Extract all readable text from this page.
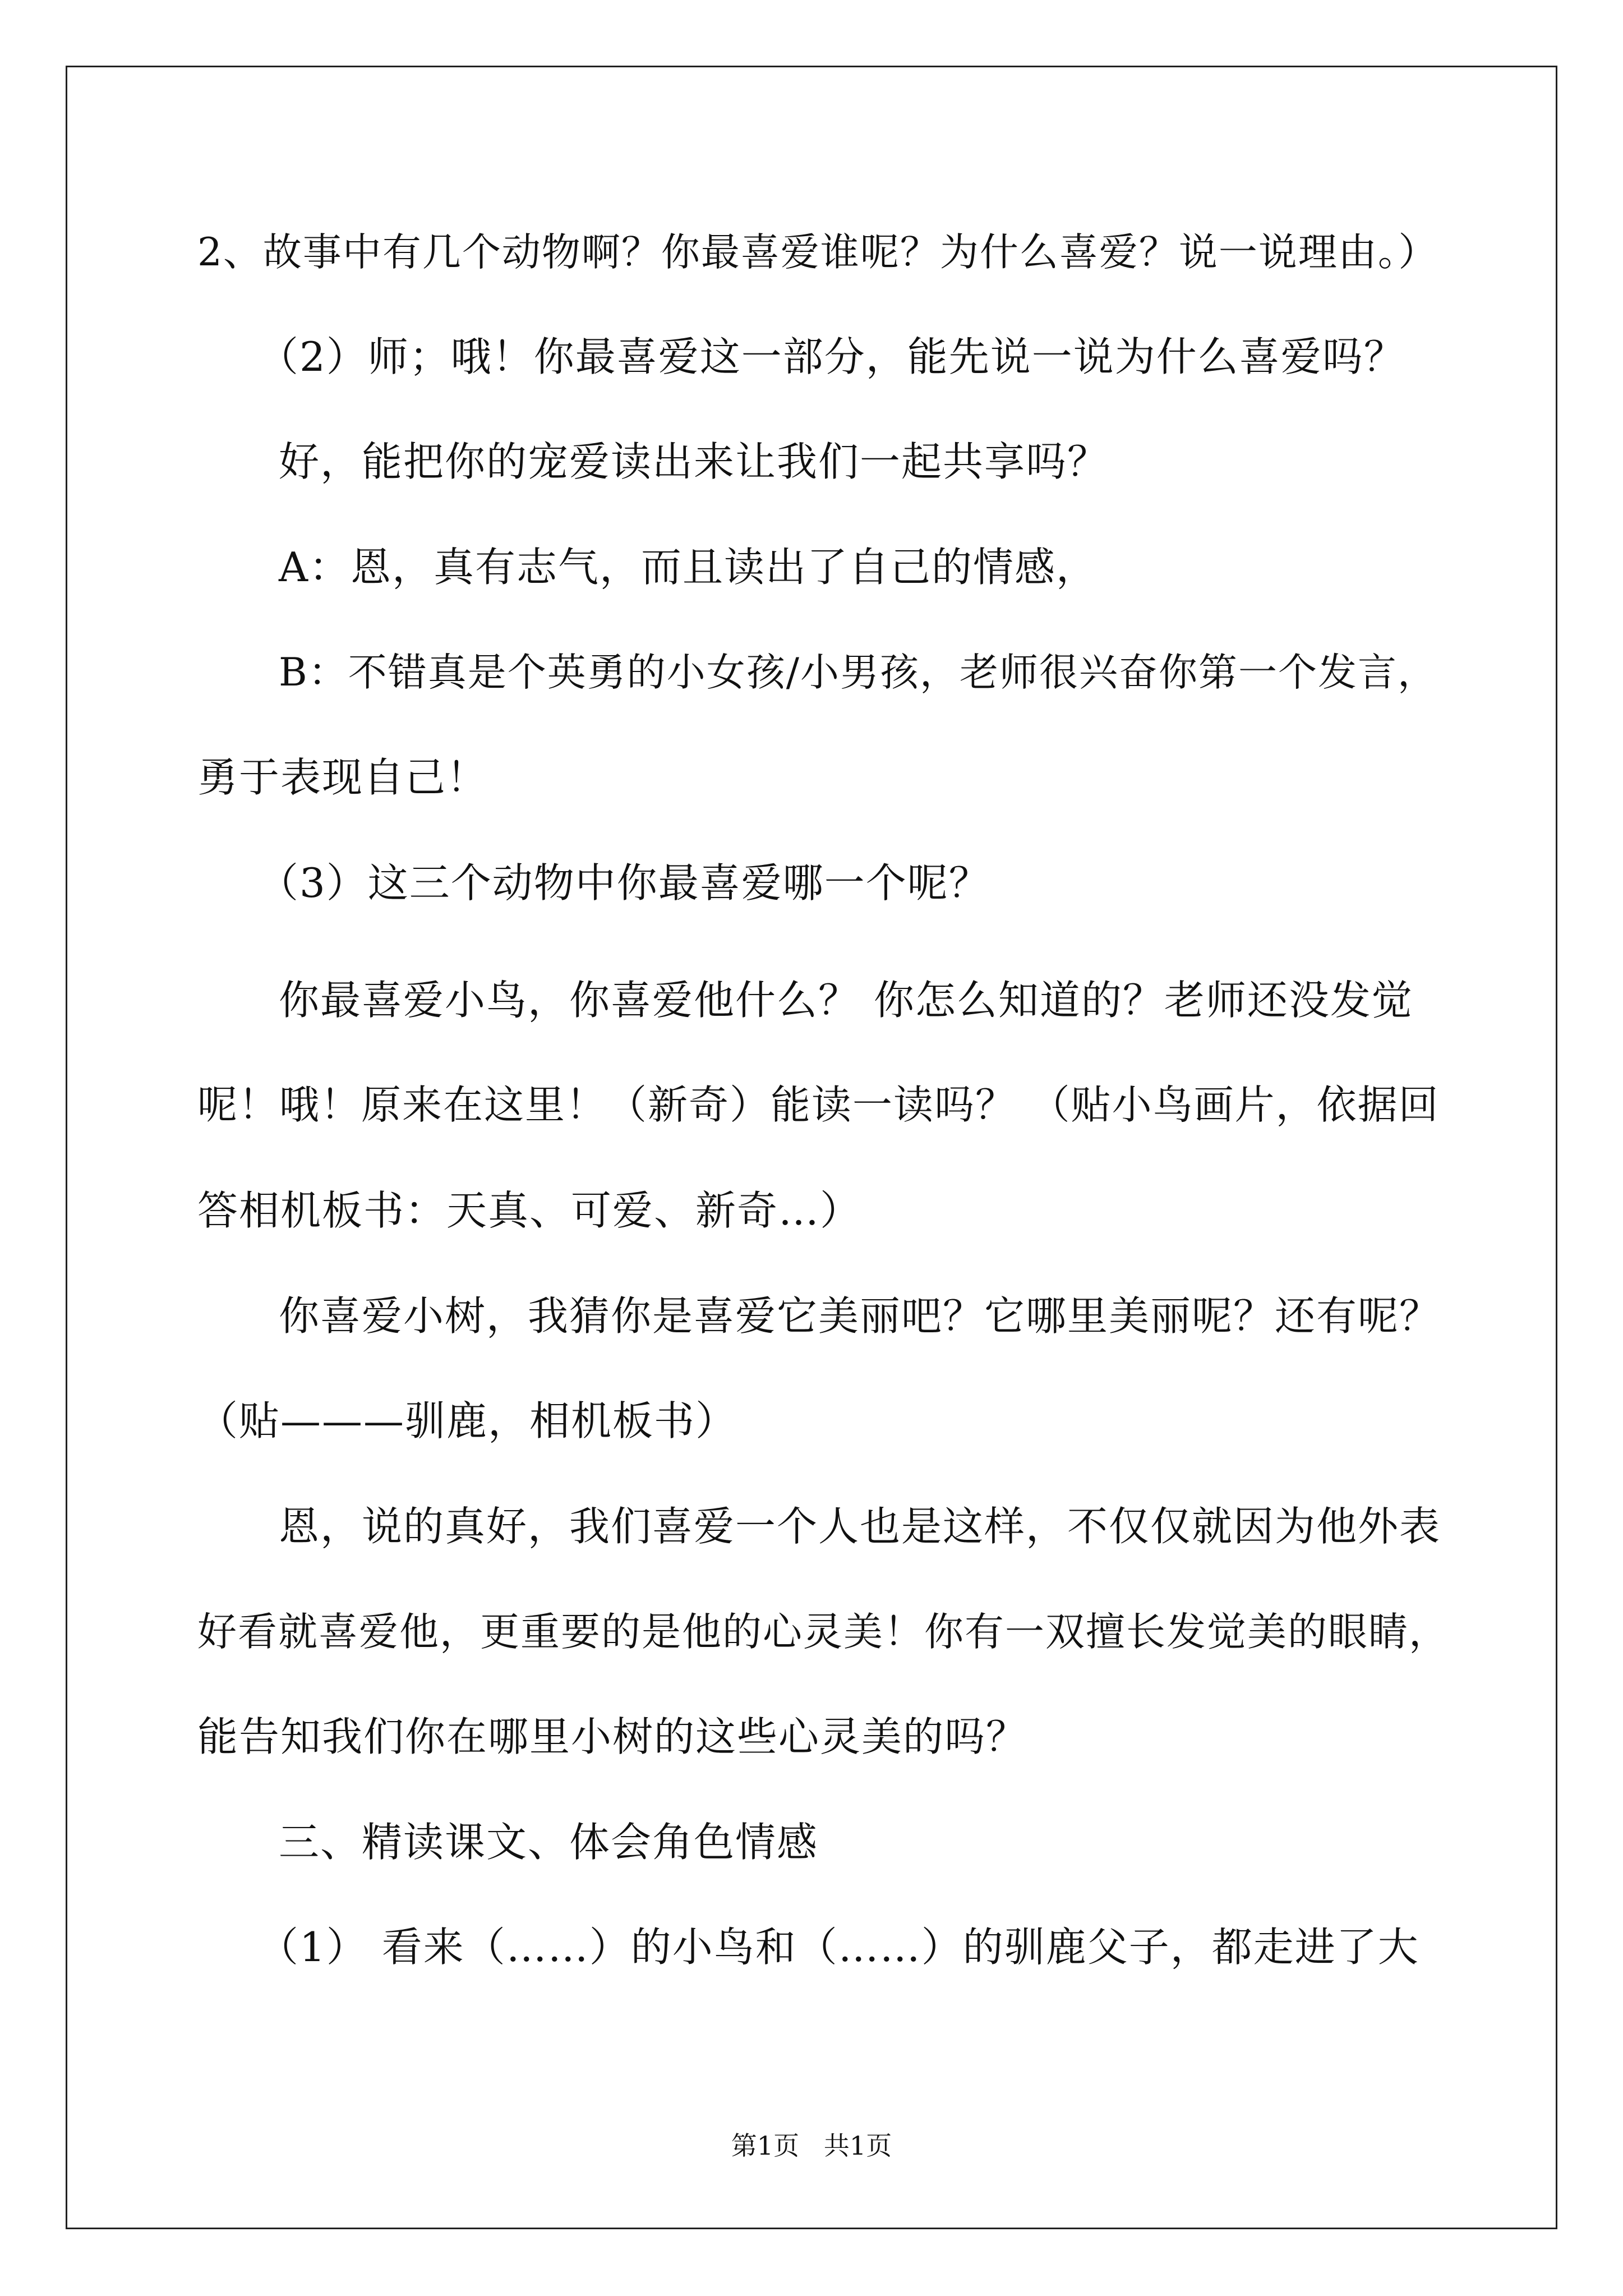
2、故事中有几个动物啊？你最喜爱谁呢？为什么喜爱？说一说理由。）
（2）师；哦！你最喜爱这一部分，能先说一说为什么喜爱吗？
好，能把你的宠爱读出来让我们一起共享吗？
A：恩，真有志气，而且读出了自己的情感，
B：不错真是个英勇的小女孩/小男孩，老师很兴奋你第一个发言，
勇于表现自己！
（3）这三个动物中你最喜爱哪一个呢？
你最喜爱小鸟，你喜爱他什么？ 你怎么知道的？老师还没发觉
呢！哦！原来在这里！（新奇）能读一读吗？ （贴小鸟画片，依据回
答相机板书：天真、可爱、新奇…）
你喜爱小树，我猜你是喜爱它美丽吧？它哪里美丽呢？还有呢？
（贴———驯鹿，相机板书）
恩，说的真好，我们喜爱一个人也是这样，不仅仅就因为他外表
好看就喜爱他，更重要的是他的心灵美！你有一双擅长发觉美的眼睛，
能告知我们你在哪里小树的这些心灵美的吗？
三、精读课文、体会角色情感
（1） 看来（……）的小鸟和（……）的驯鹿父子，都走进了大
第1页   共1页
